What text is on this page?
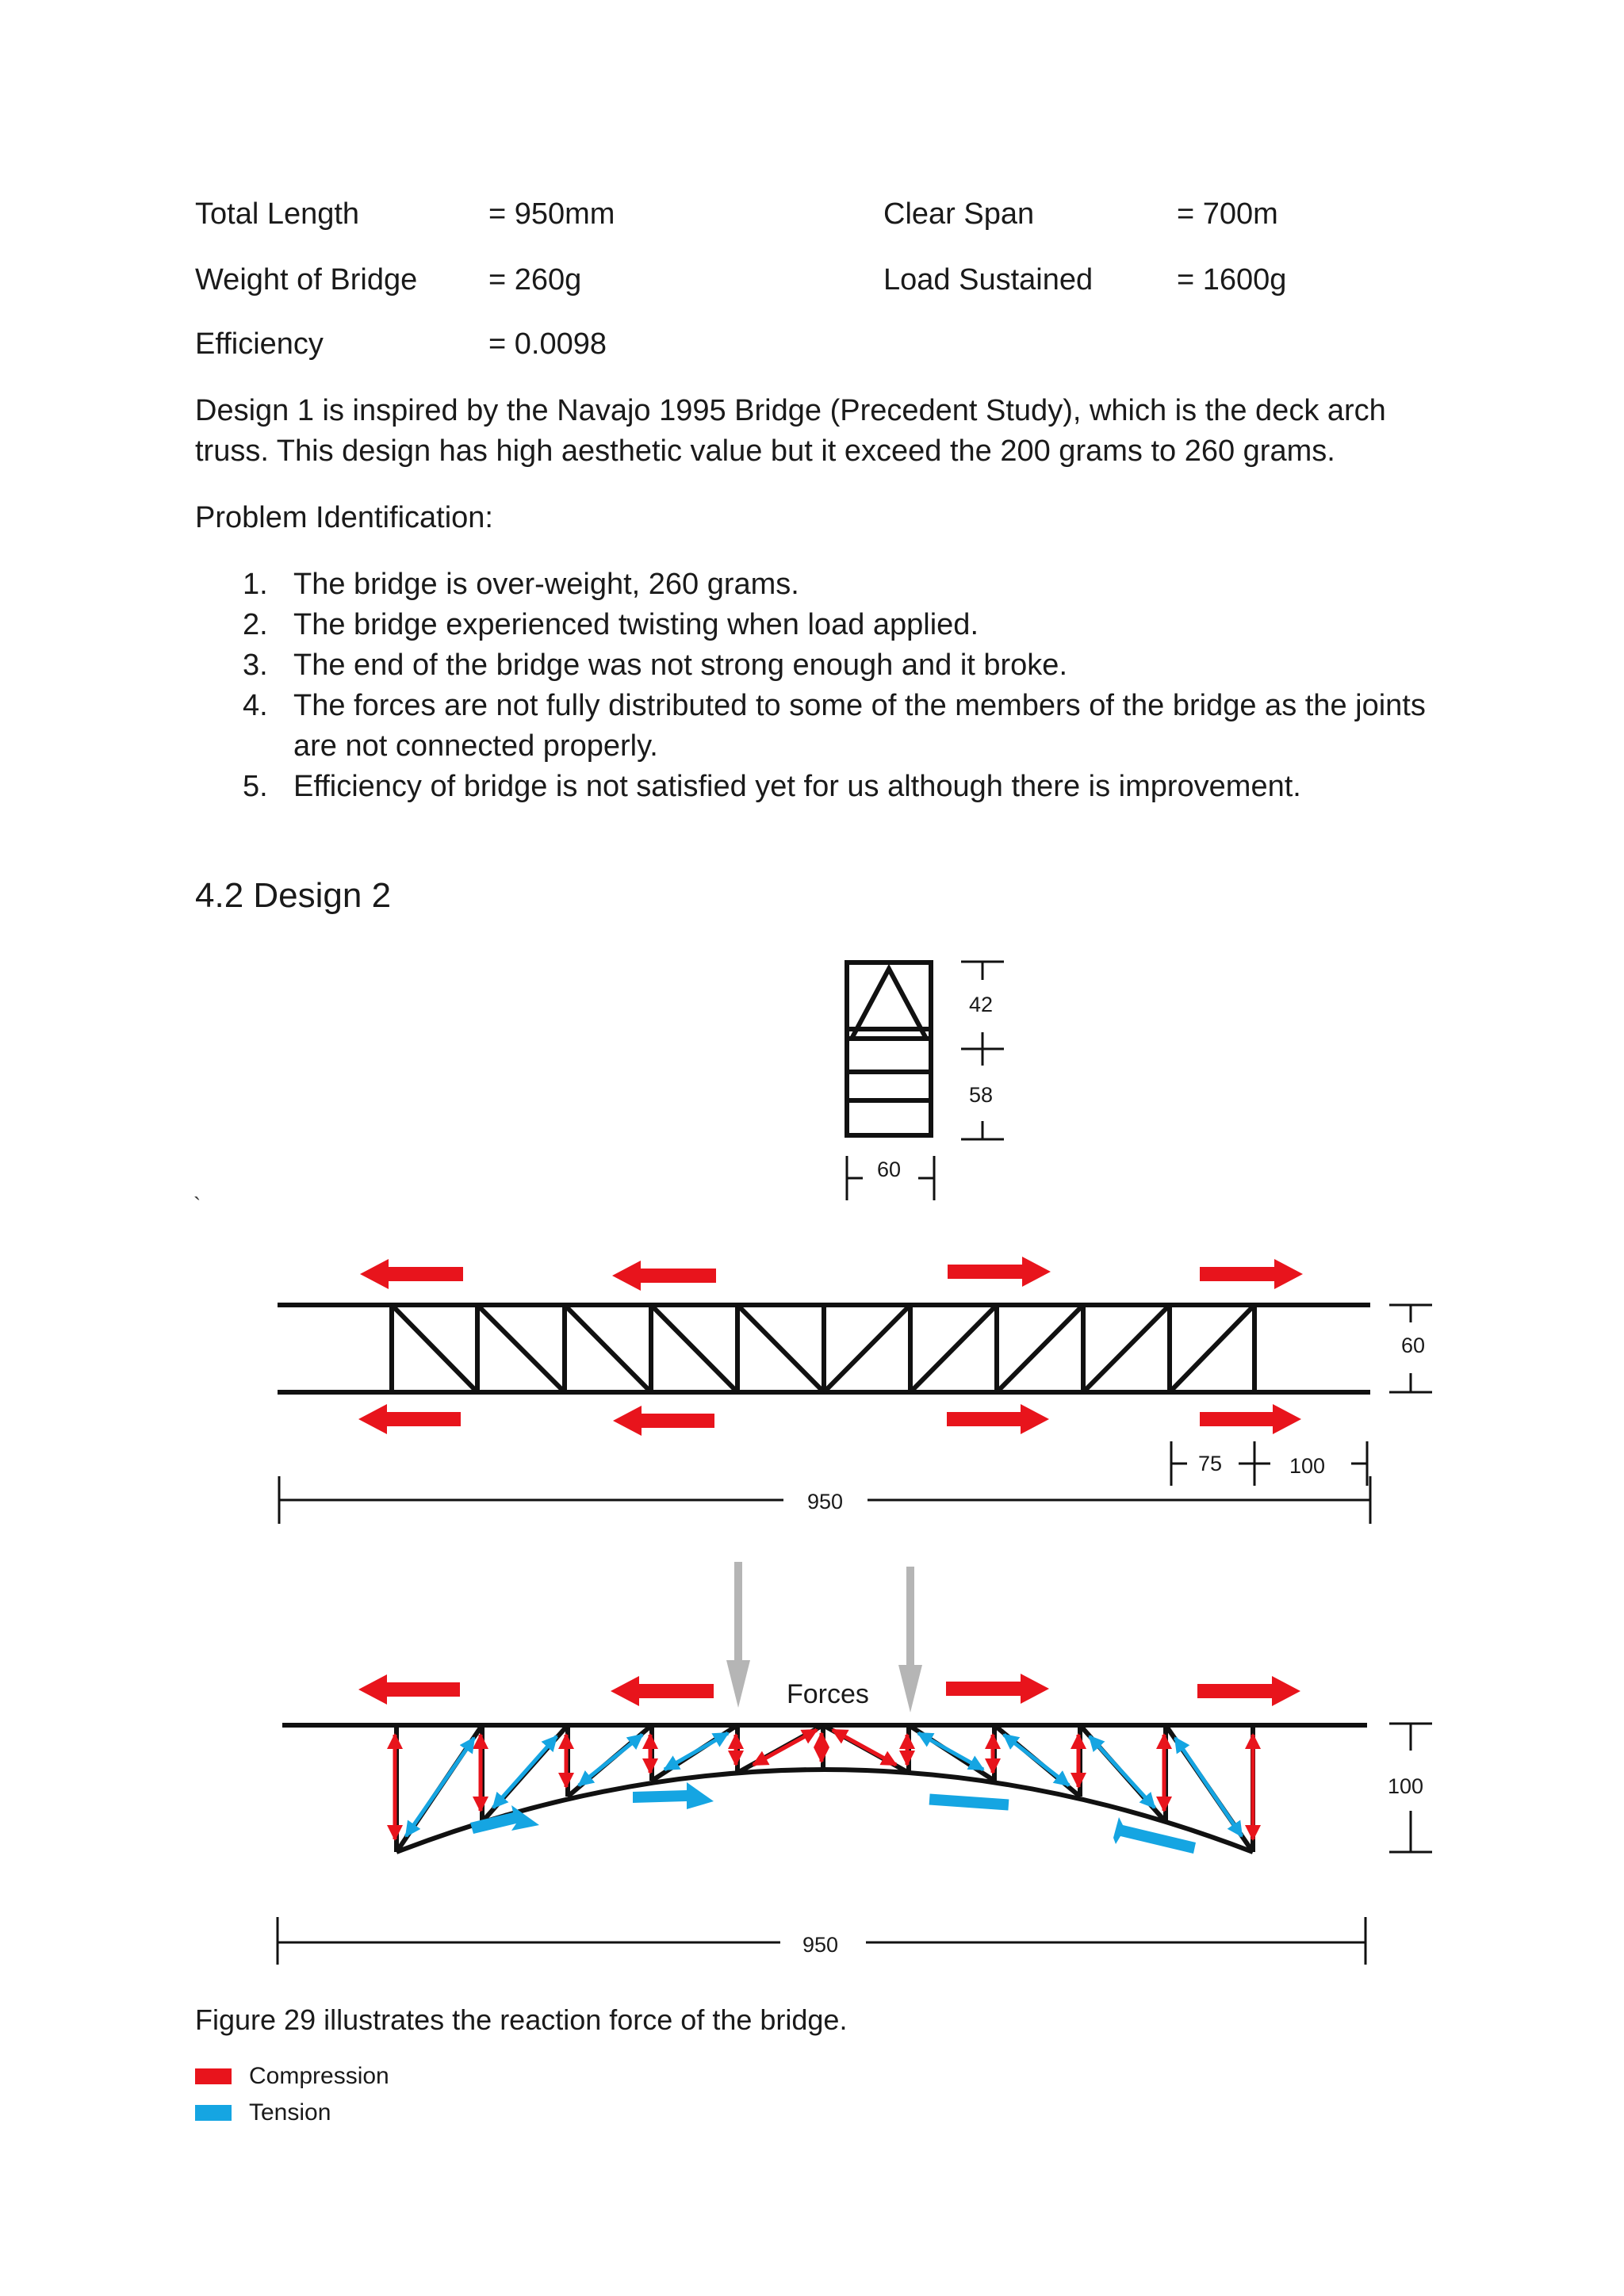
Total Length	= 950mm	Clear Span	= 700m
Weight of Bridge = 260g	Load Sustained	= 1600g
Efficiency	= 0.0098
Design 1 is inspired by the Navajo 1995 Bridge (Precedent Study), which is the deck arch truss. This design has high aesthetic value but it exceed the 200 grams to 260 grams.
Problem Identification:
1. The bridge is over-weight, 260 grams.
2. The bridge experienced twisting when load applied.
3. The end of the bridge was not strong enough and it broke.
4. The forces are not fully distributed to some of the members of the bridge as the joints are not connected properly.
5. Efficiency of bridge is not satisfied yet for us although there is improvement.
4.2 Design 2
42
58
60
`
60
75	100
950
Forces
100
950
Figure 29 illustrates the reaction force of the bridge.
Compression
Tension
